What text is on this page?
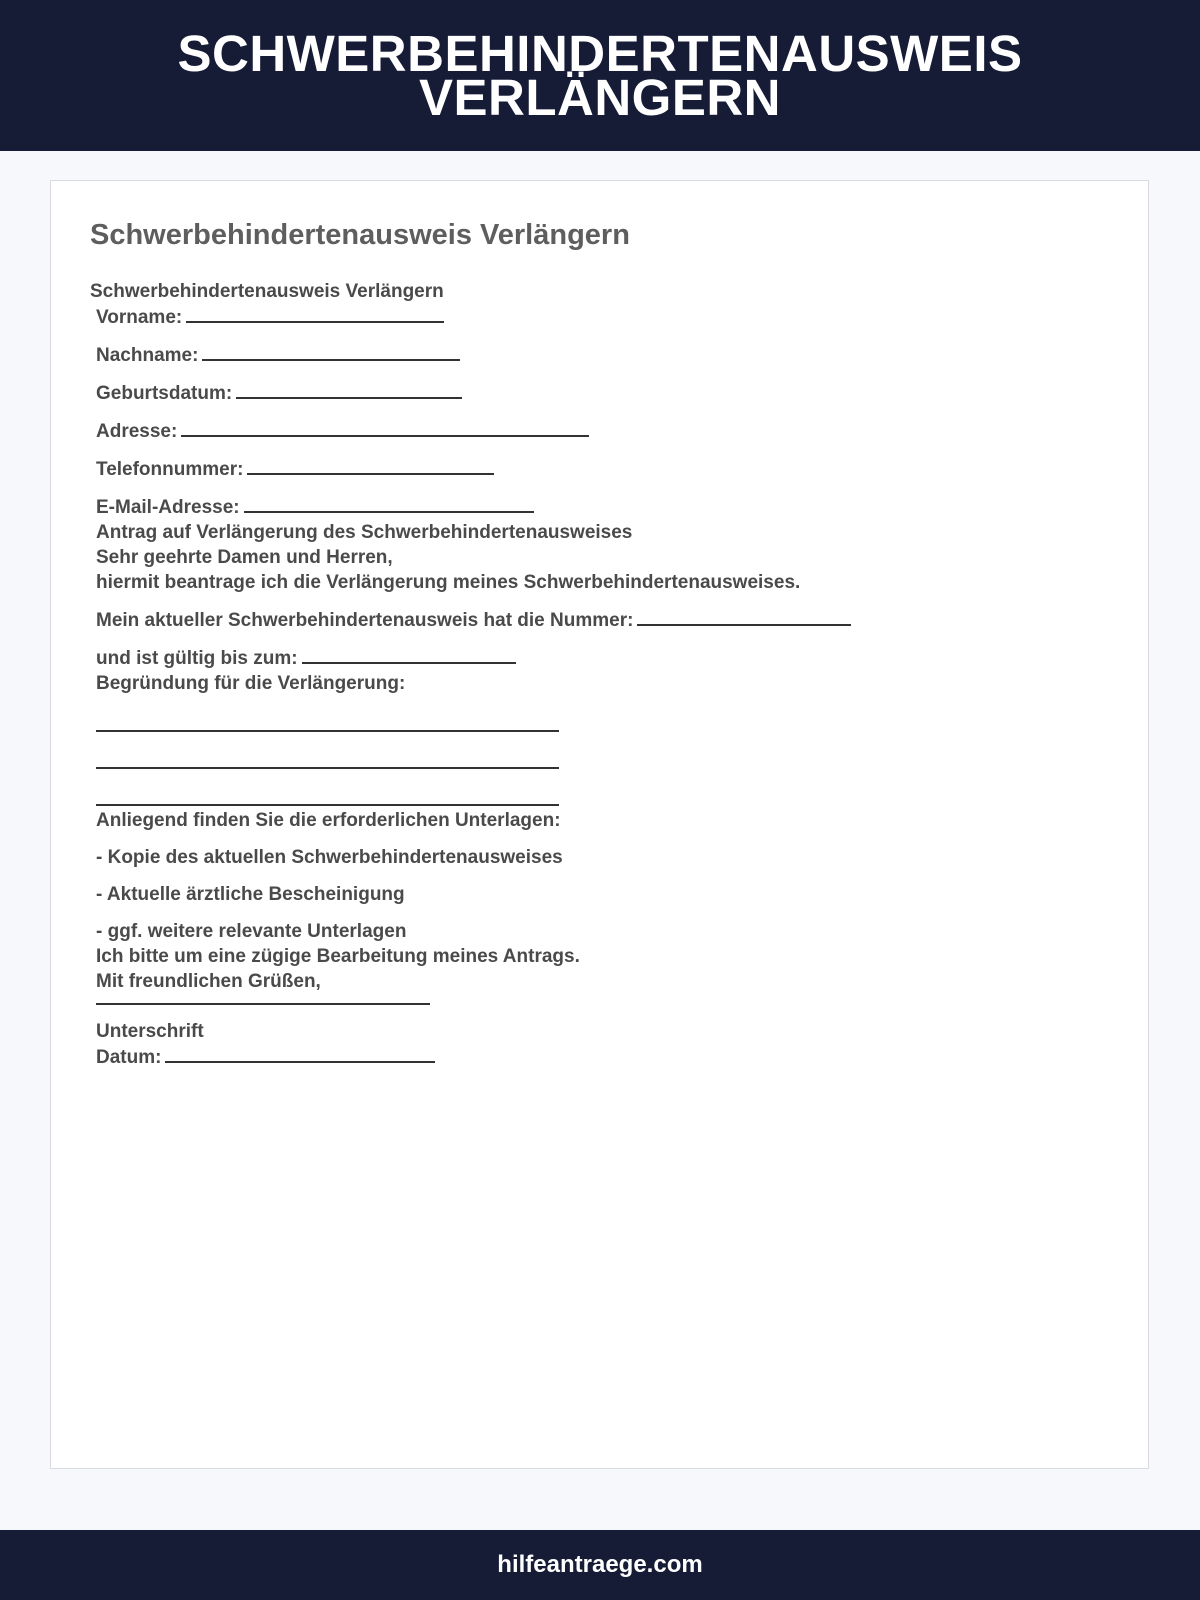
SCHWERBEHINDERTENAUSWEIS
VERLÄNGERN
Schwerbehindertenausweis Verlängern
Schwerbehindertenausweis Verlängern
Vorname:
Nachname:
Geburtsdatum:
Adresse:
Telefonnummer:
E-Mail-Adresse:
Antrag auf Verlängerung des Schwerbehindertenausweises
Sehr geehrte Damen und Herren,
hiermit beantrage ich die Verlängerung meines Schwerbehindertenausweises.
Mein aktueller Schwerbehindertenausweis hat die Nummer:
und ist gültig bis zum:
Begründung für die Verlängerung:
Anliegend finden Sie die erforderlichen Unterlagen:
- Kopie des aktuellen Schwerbehindertenausweises
- Aktuelle ärztliche Bescheinigung
- ggf. weitere relevante Unterlagen
Ich bitte um eine zügige Bearbeitung meines Antrags.
Mit freundlichen Grüßen,
Unterschrift
Datum:
hilfeantraege.com
